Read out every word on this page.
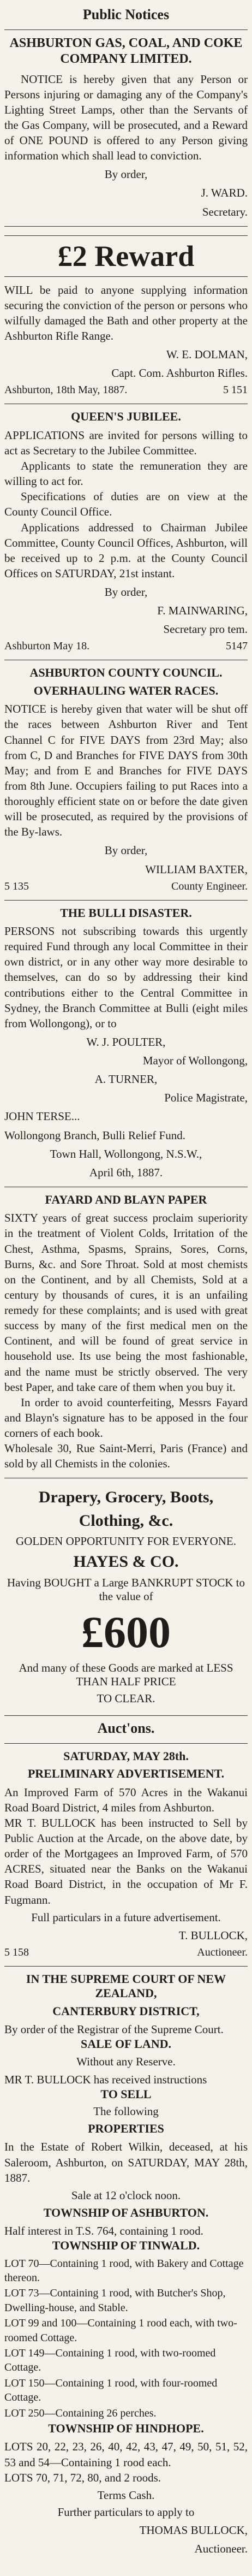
Public Notices
ASHBURTON GAS, COAL, AND COKE COMPANY LIMITED.
NOTICE is hereby given that any Person or Persons injuring or damaging any of the Company's Lighting Street Lamps, other than the Servants of the Gas Company, will be prosecuted, and a Reward of ONE POUND is offered to any Person giving information which shall lead to conviction.
By order,
J. WARD.
Secretary.
£2 Reward
WILL be paid to anyone supplying information securing the conviction of the person or persons who wilfully damaged the Bath and other property at the Ashburton Rifle Range.
W. E. DOLMAN,
Capt. Com. Ashburton Rifles.
Ashburton, 18th May, 1887.	5 151
QUEEN'S JUBILEE.
APPLICATIONS are invited for persons willing to act as Secretary to the Jubilee Committee.
Applicants to state the remuneration they are willing to act for.
Specifications of duties are on view at the County Council Office.
Applications addressed to Chairman Jubilee Committee, County Council Offices, Ashburton, will be received up to 2 p.m. at the County Council Offices on SATURDAY, 21st instant.
By order,
F. MAINWARING,
Secretary pro tem.
Ashburton May 18.	5147
ASHBURTON COUNTY COUNCIL.
OVERHAULING WATER RACES.
NOTICE is hereby given that water will be shut off the races between Ashburton River and Tent Channel C for FIVE DAYS from 23rd May; also from C, D and Branches for FIVE DAYS from 30th May; and from E and Branches for FIVE DAYS from 8th June. Occupiers failing to put Races into a thoroughly efficient state on or before the date given will be prosecuted, as required by the provisions of the By-laws.
By order,
WILLIAM BAXTER,
5 135	County Engineer.
THE BULLI DISASTER.
PERSONS not subscribing towards this urgently required Fund through any local Committee in their own district, or in any other way more desirable to themselves, can do so by addressing their kind contributions either to the Central Committee in Sydney, the Branch Committee at Bulli (eight miles from Wollongong), or to
W. J. POULTER,
Mayor of Wollongong,
A. TURNER,
Police Magistrate,
JOHN TERSE...
Wollongong Branch, Bulli Relief Fund.
Town Hall, Wollongong, N.S.W.,
April 6th, 1887.
FAYARD AND BLAYN PAPER
SIXTY years of great success proclaim superiority in the treatment of Violent Colds, Irritation of the Chest, Asthma, Spasms, Sprains, Sores, Corns, Burns, &c. and Sore Throat. Sold at most chemists on the Continent, and by all Chemists, Sold at a century by thousands of cures, it is an unfailing remedy for these complaints; and is used with great success by many of the first medical men on the Continent, and will be found of great service in household use. Its use being the most fashionable, and the name must be strictly observed. The very best Paper, and take care of them when you buy it.
In order to avoid counterfeiting, Messrs Fayard and Blayn's signature has to be apposed in the four corners of each book.
Wholesale 30, Rue Saint-Merri, Paris (France) and sold by all Chemists in the colonies.
Drapery, Grocery, Boots,
Clothing, &c.
GOLDEN OPPORTUNITY FOR EVERYONE.
HAYES & CO.
Having BOUGHT a Large BANKRUPT STOCK to the value of
£600
And many of these Goods are marked at LESS THAN HALF PRICE
TO CLEAR.
Auct'ons.
SATURDAY, MAY 28th.
PRELIMINARY ADVERTISEMENT.
An Improved Farm of 570 Acres in the Wakanui Road Board District, 4 miles from Ashburton.
MR T. BULLOCK has been instructed to Sell by Public Auction at the Arcade, on the above date, by order of the Mortgagees an Improved Farm, of 570 ACRES, situated near the Banks on the Wakanui Road Board District, in the occupation of Mr F. Fugmann.
Full particulars in a future advertisement.
T. BULLOCK,
5 158	Auctioneer.
IN THE SUPREME COURT OF NEW ZEALAND,
CANTERBURY DISTRICT,
By order of the Registrar of the Supreme Court.
SALE OF LAND.
Without any Reserve.
MR T. BULLOCK has received instructions
TO SELL
The following
PROPERTIES
In the Estate of Robert Wilkin, deceased, at his Saleroom, Ashburton, on SATURDAY, MAY 28th, 1887.
Sale at 12 o'clock noon.
TOWNSHIP OF ASHBURTON.
Half interest in T.S. 764, containing 1 rood.
TOWNSHIP OF TINWALD.
LOT 70—Containing 1 rood, with Bakery and Cottage thereon.
LOT 73—Containing 1 rood, with Butcher's Shop, Dwelling-house, and Stable.
LOT 99 and 100—Containing 1 rood each, with two-roomed Cottage.
LOT 149—Containing 1 rood, with two-roomed Cottage.
LOT 150—Containing 1 rood, with four-roomed Cottage.
LOT 250—Containing 26 perches.
TOWNSHIP OF HINDHOPE.
LOTS 20, 22, 23, 26, 40, 42, 43, 47, 49, 50, 51, 52, 53 and 54—Containing 1 rood each.
LOTS 70, 71, 72, 80, and 2 roods.
Terms Cash.
Further particulars to apply to
THOMAS BULLOCK,
Auctioneer.
